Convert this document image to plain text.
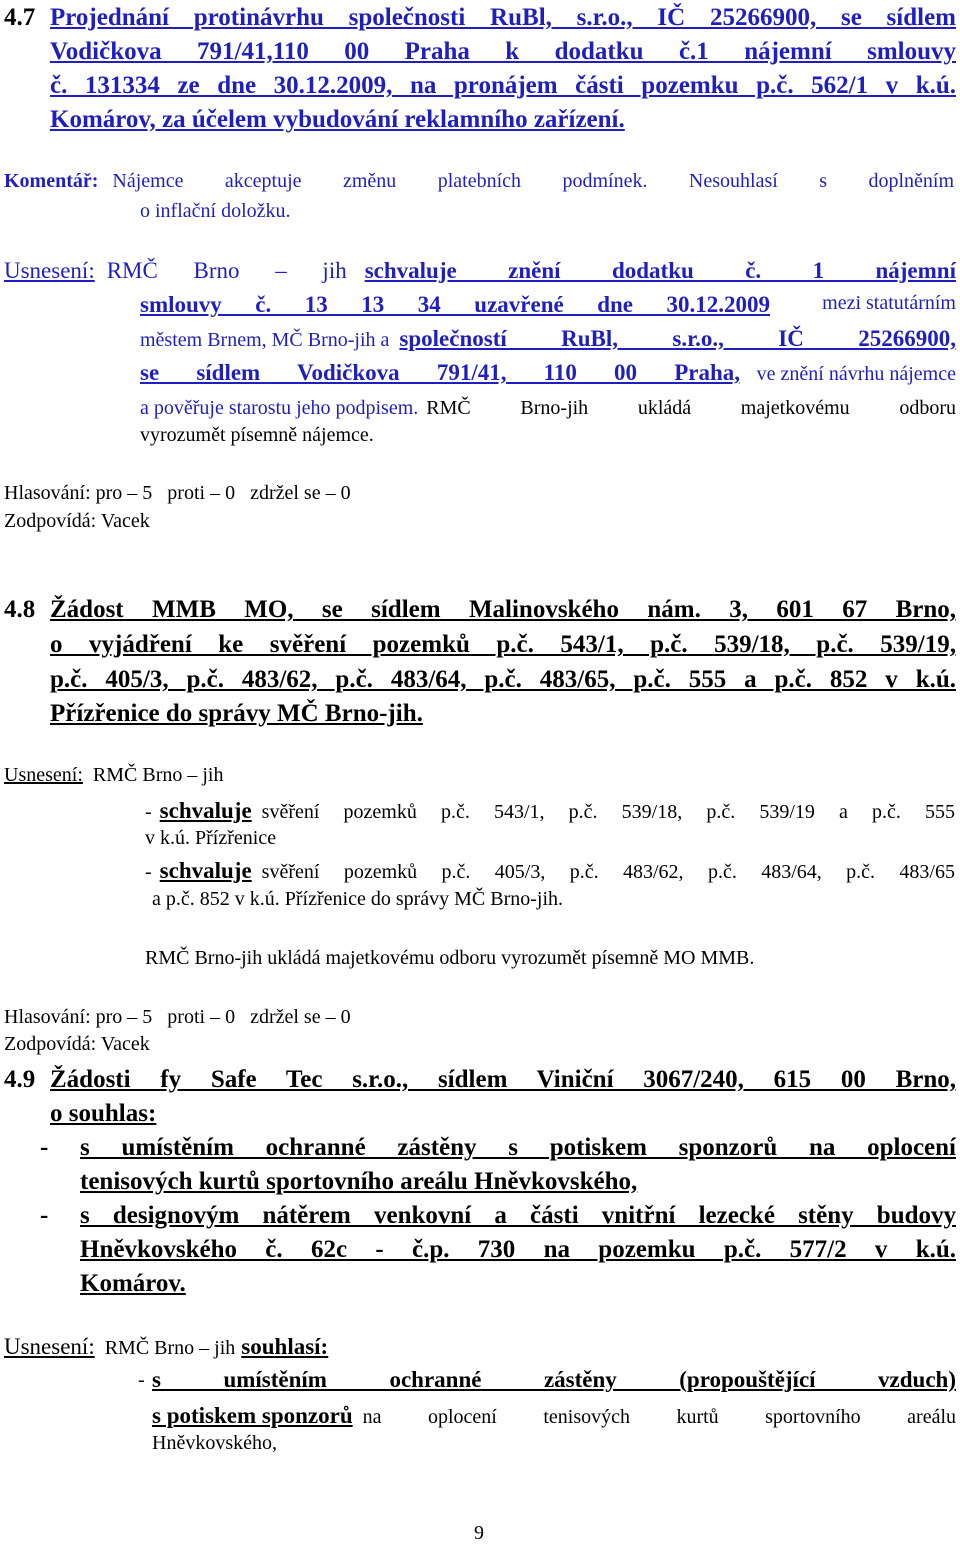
4.7 Projednání protinávrhu společnosti RuBl, s.r.o., IČ 25266900, se sídlem
Vodičkova 791/41,110 00 Praha k dodatku č.1 nájemní smlouvy
č. 131334 ze dne 30.12.2009, na pronájem části pozemku p.č. 562/1 v k.ú.
Komárov, za účelem vybudování reklamního zařízení.
Komentář: Nájemce akceptuje změnu platebních podmínek. Nesouhlasí s doplněním
o inflační doložku.
Usnesení: RMČ Brno – jih schvaluje znění dodatku č. 1 nájemní
smlouvy č. 13 13 34 uzavřené dne 30.12.2009	mezi statutárním
městem Brnem, MČ Brno-jih a společností RuBl, s.r.o., IČ 25266900,
se sídlem Vodičkova 791/41, 110 00 Praha, ve znění návrhu nájemce
a pověřuje starostu jeho podpisem. RMČ Brno-jih ukládá majetkovému odboru
vyrozumět písemně nájemce.
Hlasování: pro – 5   proti – 0   zdržel se – 0
Zodpovídá: Vacek
4.8 Žádost MMB MO, se sídlem Malinovského nám. 3, 601 67 Brno,
o vyjádření ke svěření pozemků p.č. 543/1, p.č. 539/18, p.č. 539/19,
p.č. 405/3, p.č. 483/62, p.č. 483/64, p.č. 483/65, p.č. 555 a p.č. 852 v k.ú.
Přízřenice do správy MČ Brno-jih.
Usnesení: RMČ Brno – jih
- schvaluje svěření pozemků p.č. 543/1, p.č. 539/18, p.č. 539/19 a p.č. 555
v k.ú. Přízřenice
- schvaluje svěření pozemků p.č. 405/3, p.č. 483/62, p.č. 483/64, p.č. 483/65
a p.č. 852 v k.ú. Přízřenice do správy MČ Brno-jih.
RMČ Brno-jih ukládá majetkovému odboru vyrozumět písemně MO MMB.
Hlasování: pro – 5   proti – 0   zdržel se – 0
Zodpovídá: Vacek
4.9 Žádosti fy Safe Tec s.r.o., sídlem Viniční 3067/240, 615 00 Brno,
o souhlas:
- s umístěním ochranné zástěny s potiskem sponzorů na oplocení
tenisových kurtů sportovního areálu Hněvkovského,
- s designovým nátěrem venkovní a části vnitřní lezecké stěny budovy
Hněvkovského č. 62c - č.p. 730 na pozemku p.č. 577/2 v k.ú.
Komárov.
Usnesení: RMČ Brno – jih souhlasí:
- s umístěním ochranné zástěny (propouštějící vzduch)
s potiskem sponzorů na oplocení tenisových kurtů sportovního areálu
Hněvkovského,
9
